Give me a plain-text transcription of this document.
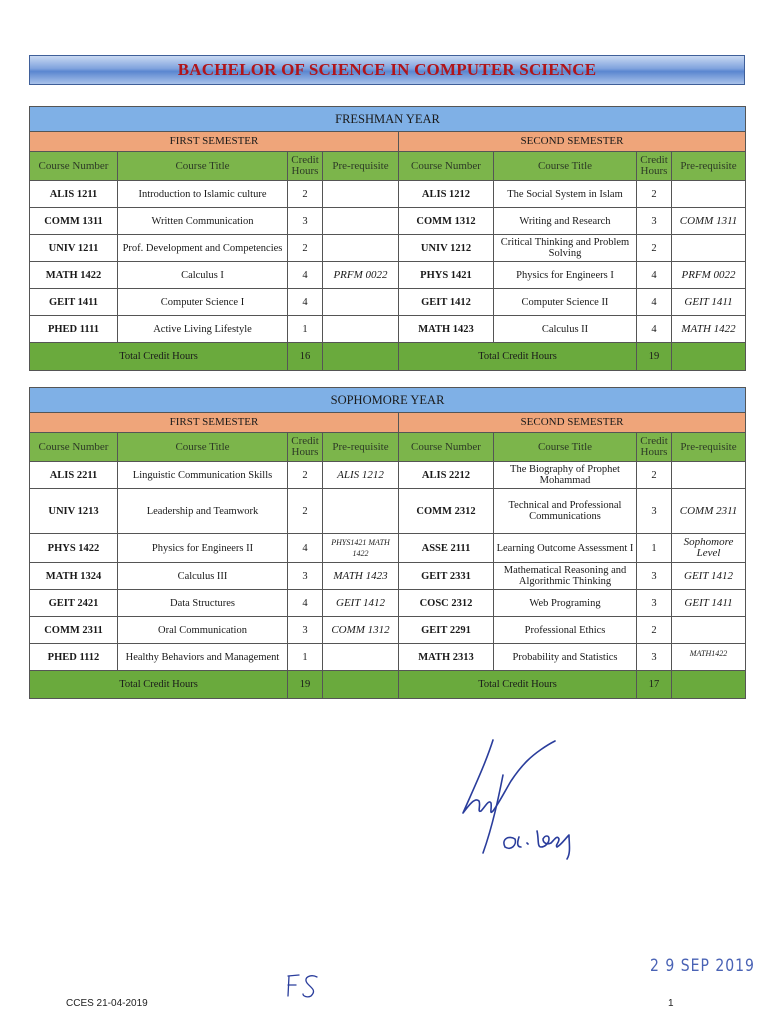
BACHELOR OF SCIENCE IN COMPUTER SCIENCE
FRESHMAN YEAR							
FIRST SEMESTER				SECOND SEMESTER			
Course Number	Course Title	Credit Hours	Pre-requisite	Course Number	Course Title	Credit Hours	Pre-requisite
ALIS 1211	Introduction to Islamic culture	2		ALIS 1212	The Social System in Islam	2	
COMM 1311	Written Communication	3		COMM 1312	Writing and Research	3	COMM 1311
UNIV 1211	Prof. Development and Competencies	2		UNIV 1212	Critical Thinking and Problem Solving	2	
MATH 1422	Calculus I	4	PRFM 0022	PHYS 1421	Physics for Engineers I	4	PRFM 0022
GEIT 1411	Computer Science I	4		GEIT 1412	Computer Science II	4	GEIT 1411
PHED 1111	Active Living Lifestyle	1		MATH 1423	Calculus II	4	MATH 1422
Total Credit Hours		16		Total Credit Hours		19	
SOPHOMORE YEAR							
FIRST SEMESTER				SECOND SEMESTER			
Course Number	Course Title	Credit Hours	Pre-requisite	Course Number	Course Title	Credit Hours	Pre-requisite
ALIS 2211	Linguistic Communication Skills	2	ALIS 1212	ALIS 2212	The Biography of Prophet Mohammad	2	
UNIV 1213	Leadership and Teamwork	2		COMM 2312	Technical and Professional Communications	3	COMM 2311
PHYS 1422	Physics for Engineers II	4	PHYS1421 MATH 1422	ASSE 2111	Learning Outcome Assessment I	1	Sophomore Level
MATH 1324	Calculus III	3	MATH 1423	GEIT 2331	Mathematical Reasoning and Algorithmic Thinking	3	GEIT 1412
GEIT 2421	Data Structures	4	GEIT 1412	COSC 2312	Web Programing	3	GEIT 1411
COMM 2311	Oral Communication	3	COMM 1312	GEIT 2291	Professional Ethics	2	
PHED 1112	Healthy Behaviors and Management	1		MATH 2313	Probability and Statistics	3	MATH1422
Total Credit Hours		19		Total Credit Hours		17	
2 9 SEP 2019
CCES 21-04-2019	1
